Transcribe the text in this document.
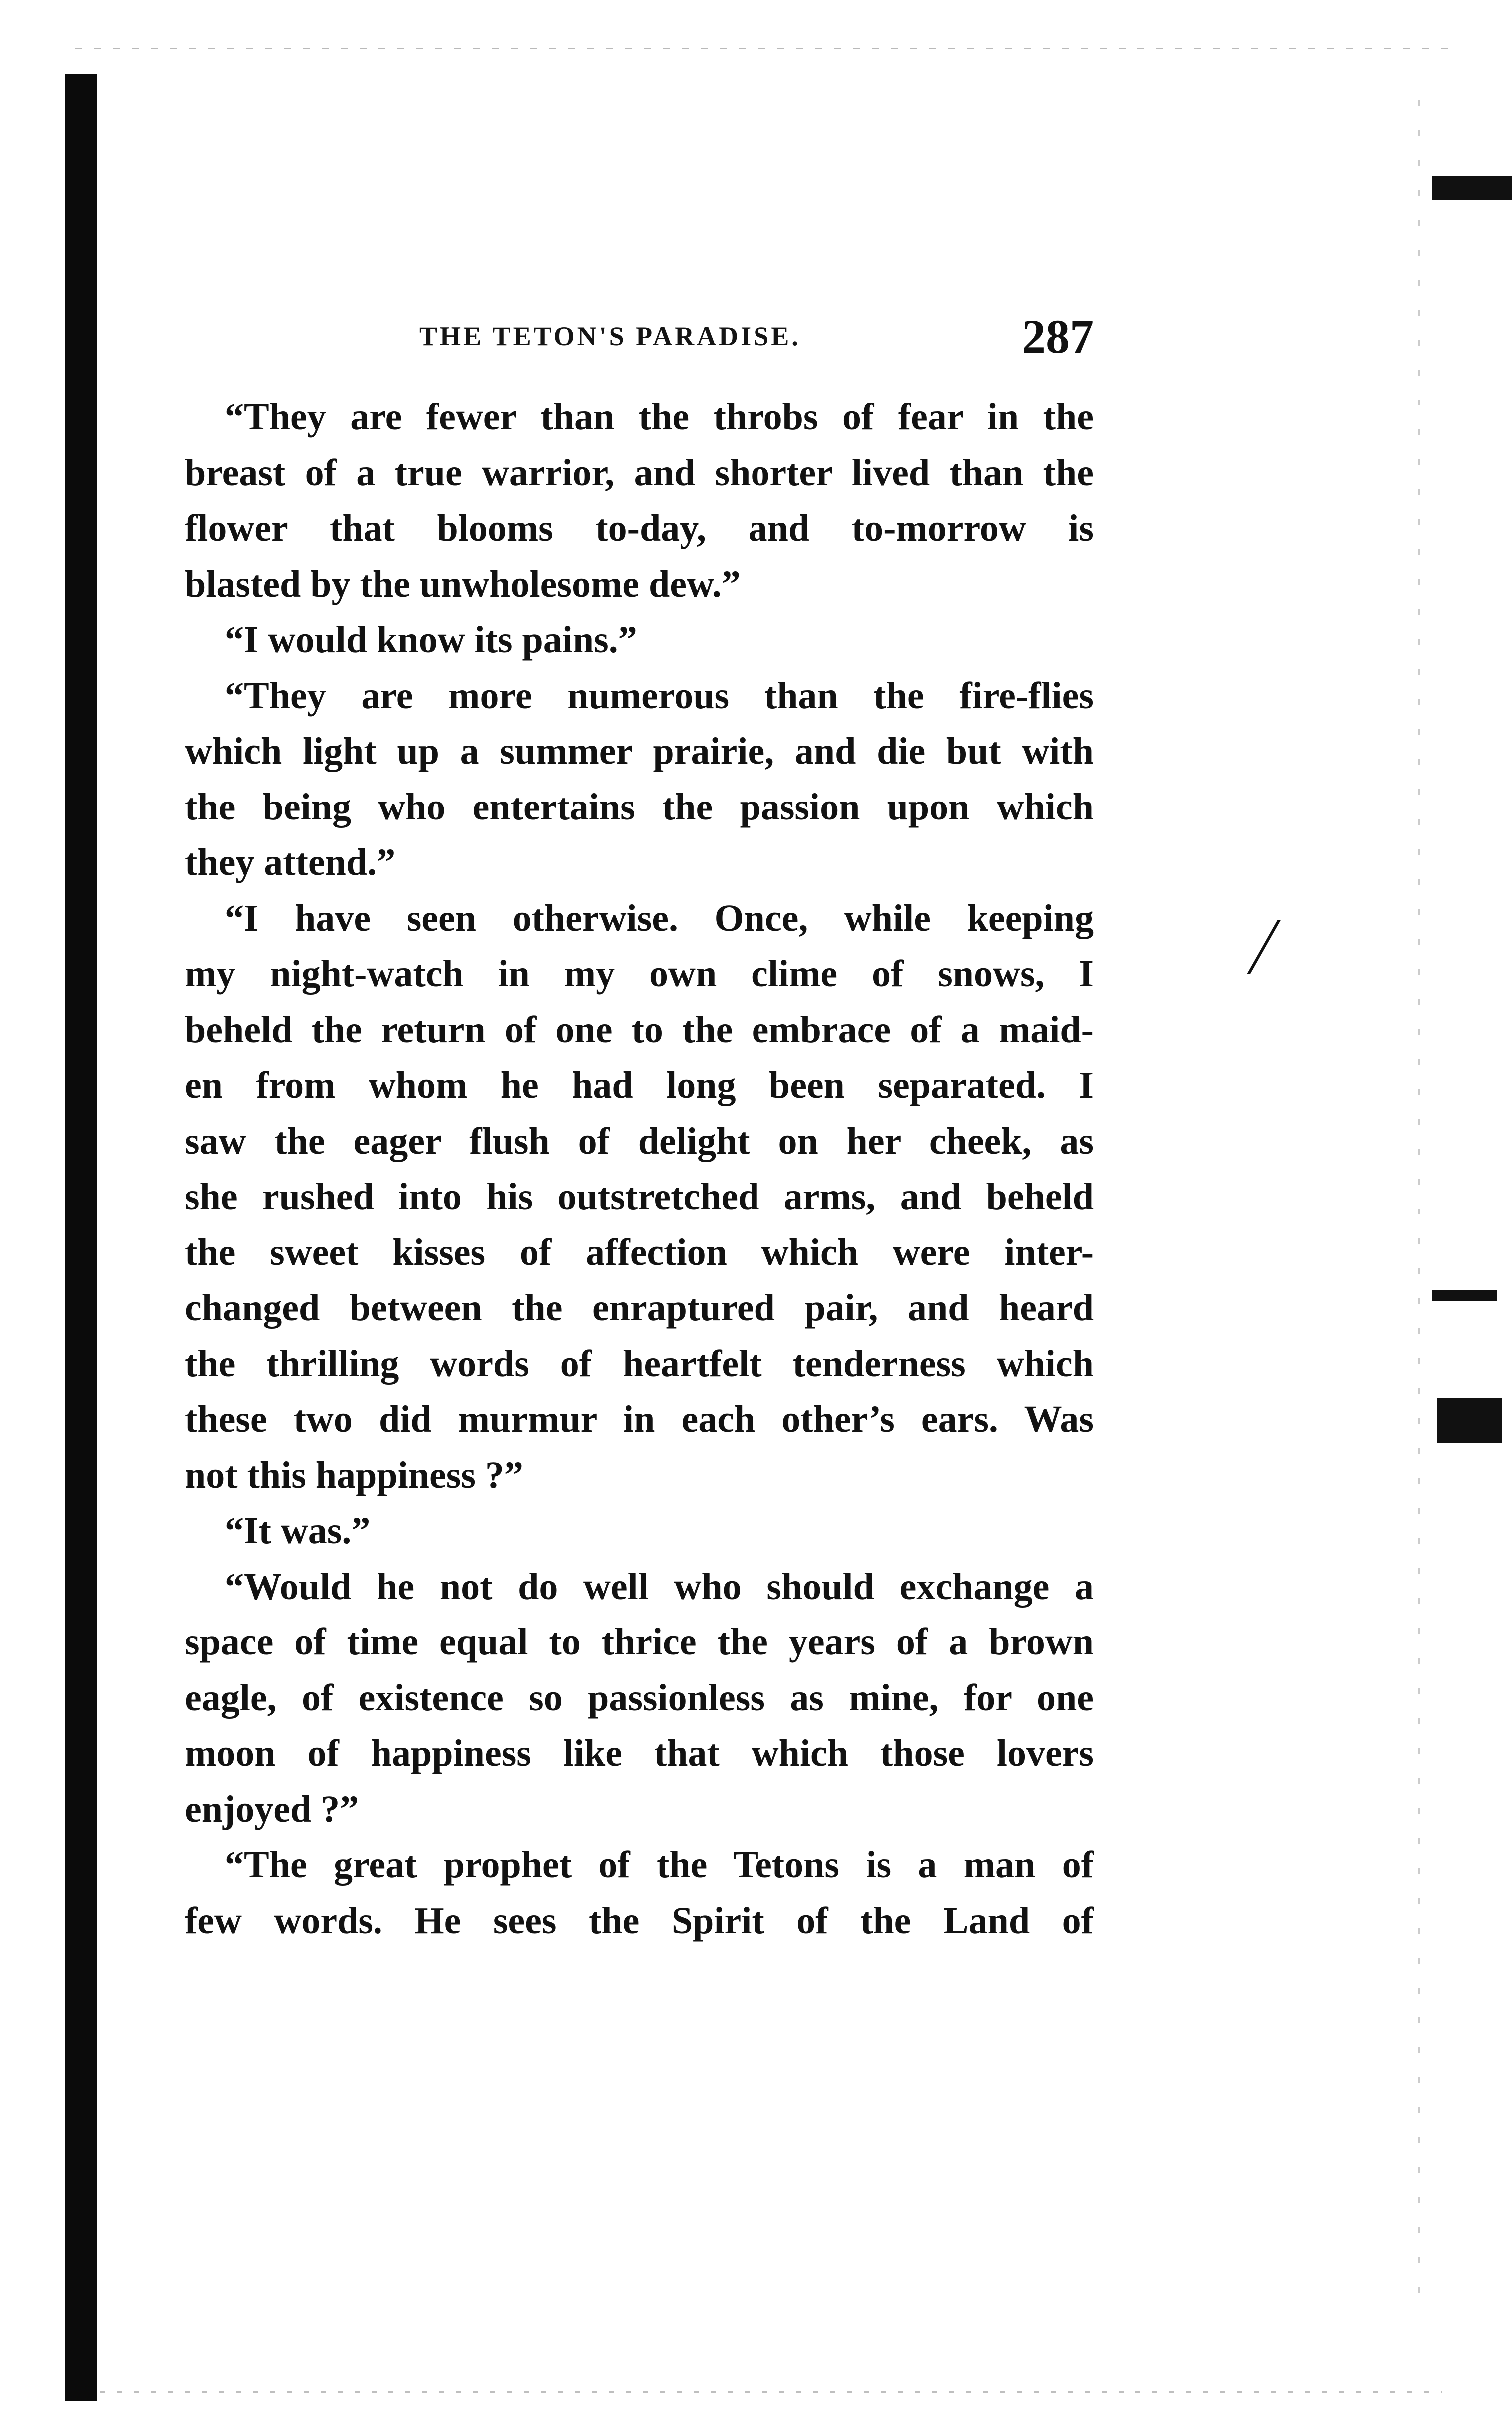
⧸
THE TETON'S PARADISE.	287
“They are fewer than the throbs of fear in the
breast of a true warrior, and shorter lived than the
flower that blooms to-day, and to-morrow is
blasted by the unwholesome dew.”
“I would know its pains.”
“They are more numerous than the fire-flies
which light up a summer prairie, and die but with
the being who entertains the passion upon which
they attend.”
“I have seen otherwise. Once, while keeping
my night-watch in my own clime of snows, I
beheld the return of one to the embrace of a maid-
en from whom he had long been separated. I
saw the eager flush of delight on her cheek, as
she rushed into his outstretched arms, and beheld
the sweet kisses of affection which were inter-
changed between the enraptured pair, and heard
the thrilling words of heartfelt tenderness which
these two did murmur in each other’s ears. Was
not this happiness ?”
“It was.”
“Would he not do well who should exchange a
space of time equal to thrice the years of a brown
eagle, of existence so passionless as mine, for one
moon of happiness like that which those lovers
enjoyed ?”
“The great prophet of the Tetons is a man of
few words. He sees the Spirit of the Land of
